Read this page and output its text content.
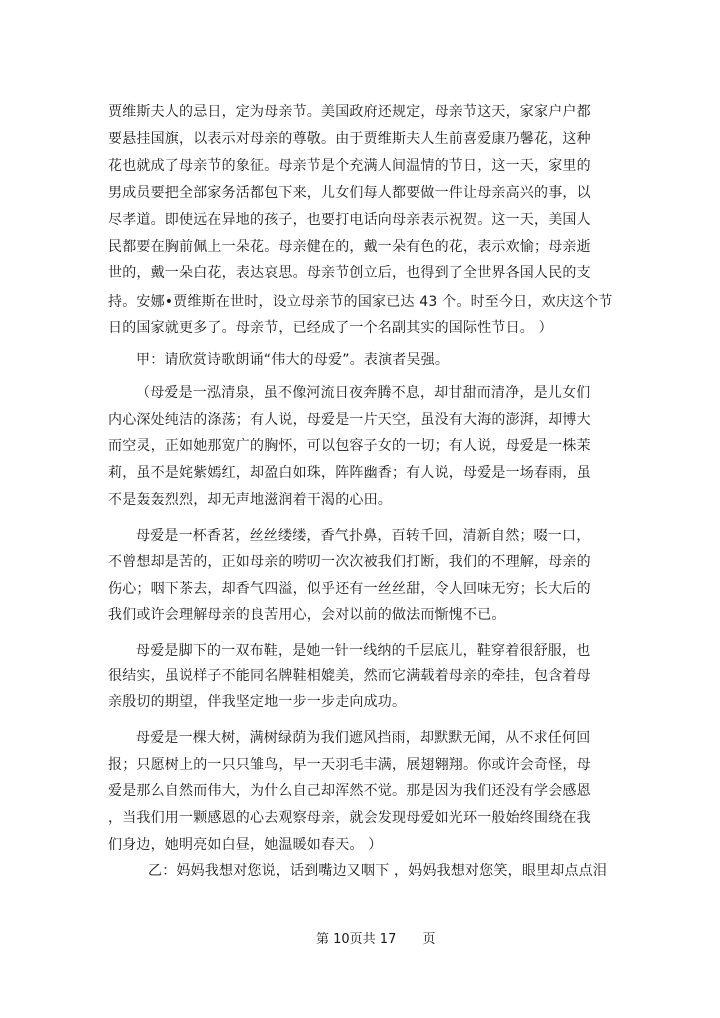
贾维斯夫人的忌日，定为母亲节。美国政府还规定，母亲节这天，家家户户都
要悬挂国旗，以表示对母亲的尊敬。由于贾维斯夫人生前喜爱康乃馨花，这种
花也就成了母亲节的象征。母亲节是个充满人间温情的节日，这一天，家里的
男成员要把全部家务活都包下来，儿女们每人都要做一件让母亲高兴的事，以
尽孝道。即使远在异地的孩子，也要打电话向母亲表示祝贺。这一天，美国人
民都要在胸前佩上一朵花。母亲健在的，戴一朵有色的花，表示欢愉；母亲逝
世的，戴一朵白花，表达哀思。母亲节创立后，也得到了全世界各国人民的支
持。安娜•贾维斯在世时，设立母亲节的国家已达 43 个。时至今日，欢庆这个节
日的国家就更多了。母亲节，已经成了一个名副其实的国际性节日。 ）
甲：请欣赏诗歌朗诵“伟大的母爱”。表演者吴强。
（母爱是一泓清泉，虽不像河流日夜奔腾不息，却甘甜而清净，是儿女们
内心深处纯洁的涤荡；有人说，母爱是一片天空，虽没有大海的澎湃，却博大
而空灵，正如她那宽广的胸怀，可以包容子女的一切；有人说，母爱是一株茉
莉，虽不是姹紫嫣红，却盈白如珠，阵阵幽香；有人说，母爱是一场春雨，虽
不是轰轰烈烈，却无声地滋润着干渴的心田。
母爱是一杯香茗，丝丝缕缕，香气扑鼻，百转千回，清新自然；啜一口，
不曾想却是苦的，正如母亲的唠叨一次次被我们打断，我们的不理解，母亲的
伤心；咽下茶去，却香气四溢，似乎还有一丝丝甜，令人回味无穷；长大后的
我们或许会理解母亲的良苦用心，会对以前的做法而惭愧不已。
母爱是脚下的一双布鞋，是她一针一线纳的千层底儿，鞋穿着很舒服，也
很结实，虽说样子不能同名牌鞋相媲美，然而它满载着母亲的牵挂，包含着母
亲殷切的期望，伴我坚定地一步一步走向成功。
母爱是一棵大树，满树绿荫为我们遮风挡雨，却默默无闻，从不求任何回
报；只愿树上的一只只雏鸟，早一天羽毛丰满，展翅翱翔。你或许会奇怪，母
爱是那么自然而伟大，为什么自己却浑然不觉。那是因为我们还没有学会感恩
，当我们用一颗感恩的心去观察母亲，就会发现母爱如光环一般始终围绕在我
们身边，她明亮如白昼，她温暖如春天。 ）
乙：妈妈我想对您说，话到嘴边又咽下 ，妈妈我想对您笑，眼里却点点泪
第 10页共 17 页
